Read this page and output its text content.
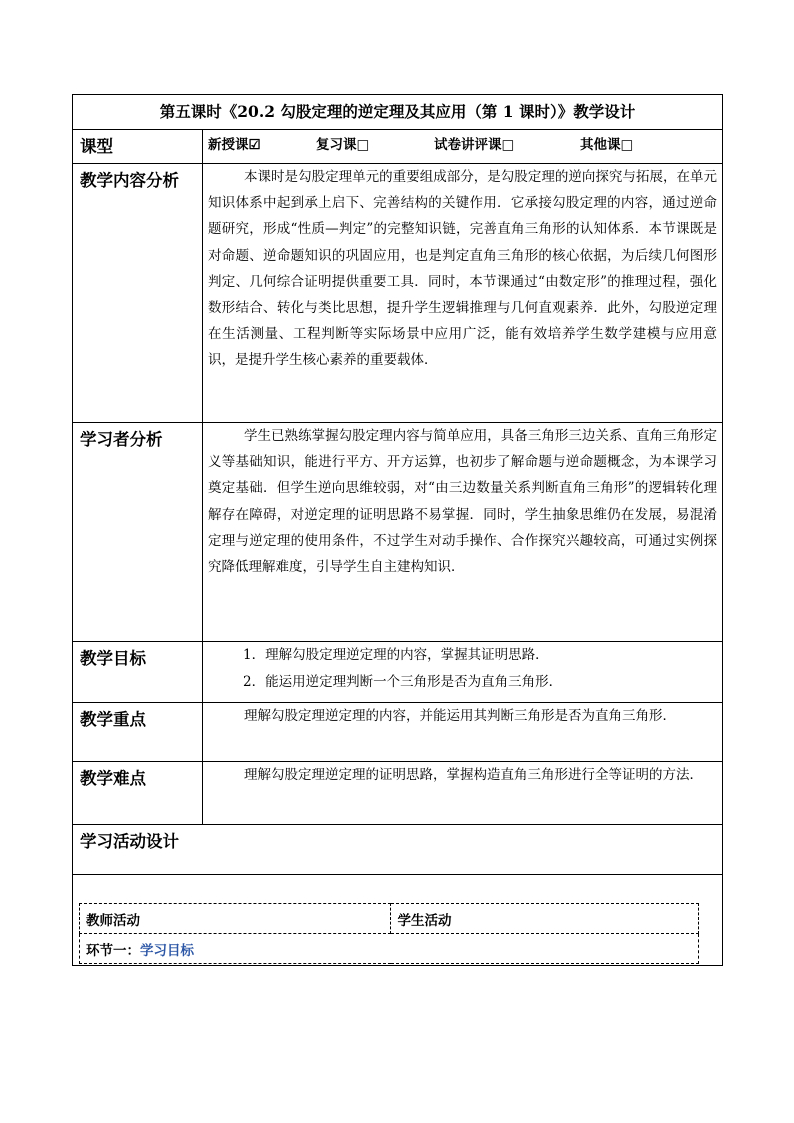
第五课时《20.2 勾股定理的逆定理及其应用（第 1 课时）》教学设计
课型	新授课☑	复习课□	试卷讲评课□	其他课□

教学内容分析	本课时是勾股定理单元的重要组成部分，是勾股定理的逆向探究与拓展，在单元知识体系中起到承上启下、完善结构的关键作用．它承接勾股定理的内容，通过逆命题研究，形成“性质—判定”的完整知识链，完善直角三角形的认知体系．本节课既是对命题、逆命题知识的巩固应用，也是判定直角三角形的核心依据，为后续几何图形判定、几何综合证明提供重要工具．同时，本节课通过“由数定形”的推理过程，强化数形结合、转化与类比思想，提升学生逻辑推理与几何直观素养．此外，勾股逆定理在生活测量、工程判断等实际场景中应用广泛，能有效培养学生数学建模与应用意识，是提升学生核心素养的重要载体．

学习者分析	学生已熟练掌握勾股定理内容与简单应用，具备三角形三边关系、直角三角形定义等基础知识，能进行平方、开方运算，也初步了解命题与逆命题概念，为本课学习奠定基础．但学生逆向思维较弱，对“由三边数量关系判断直角三角形”的逻辑转化理解存在障碍，对逆定理的证明思路不易掌握．同时，学生抽象思维仍在发展，易混淆定理与逆定理的使用条件，不过学生对动手操作、合作探究兴趣较高，可通过实例探究降低理解难度，引导学生自主建构知识．

教学目标	1．理解勾股定理逆定理的内容，掌握其证明思路．
2．能运用逆定理判断一个三角形是否为直角三角形．

教学重点	理解勾股定理逆定理的内容，并能运用其判断三角形是否为直角三角形．

教学难点	理解勾股定理逆定理的证明思路，掌握构造直角三角形进行全等证明的方法．

学习活动设计

教师活动	学生活动
环节一：学习目标
